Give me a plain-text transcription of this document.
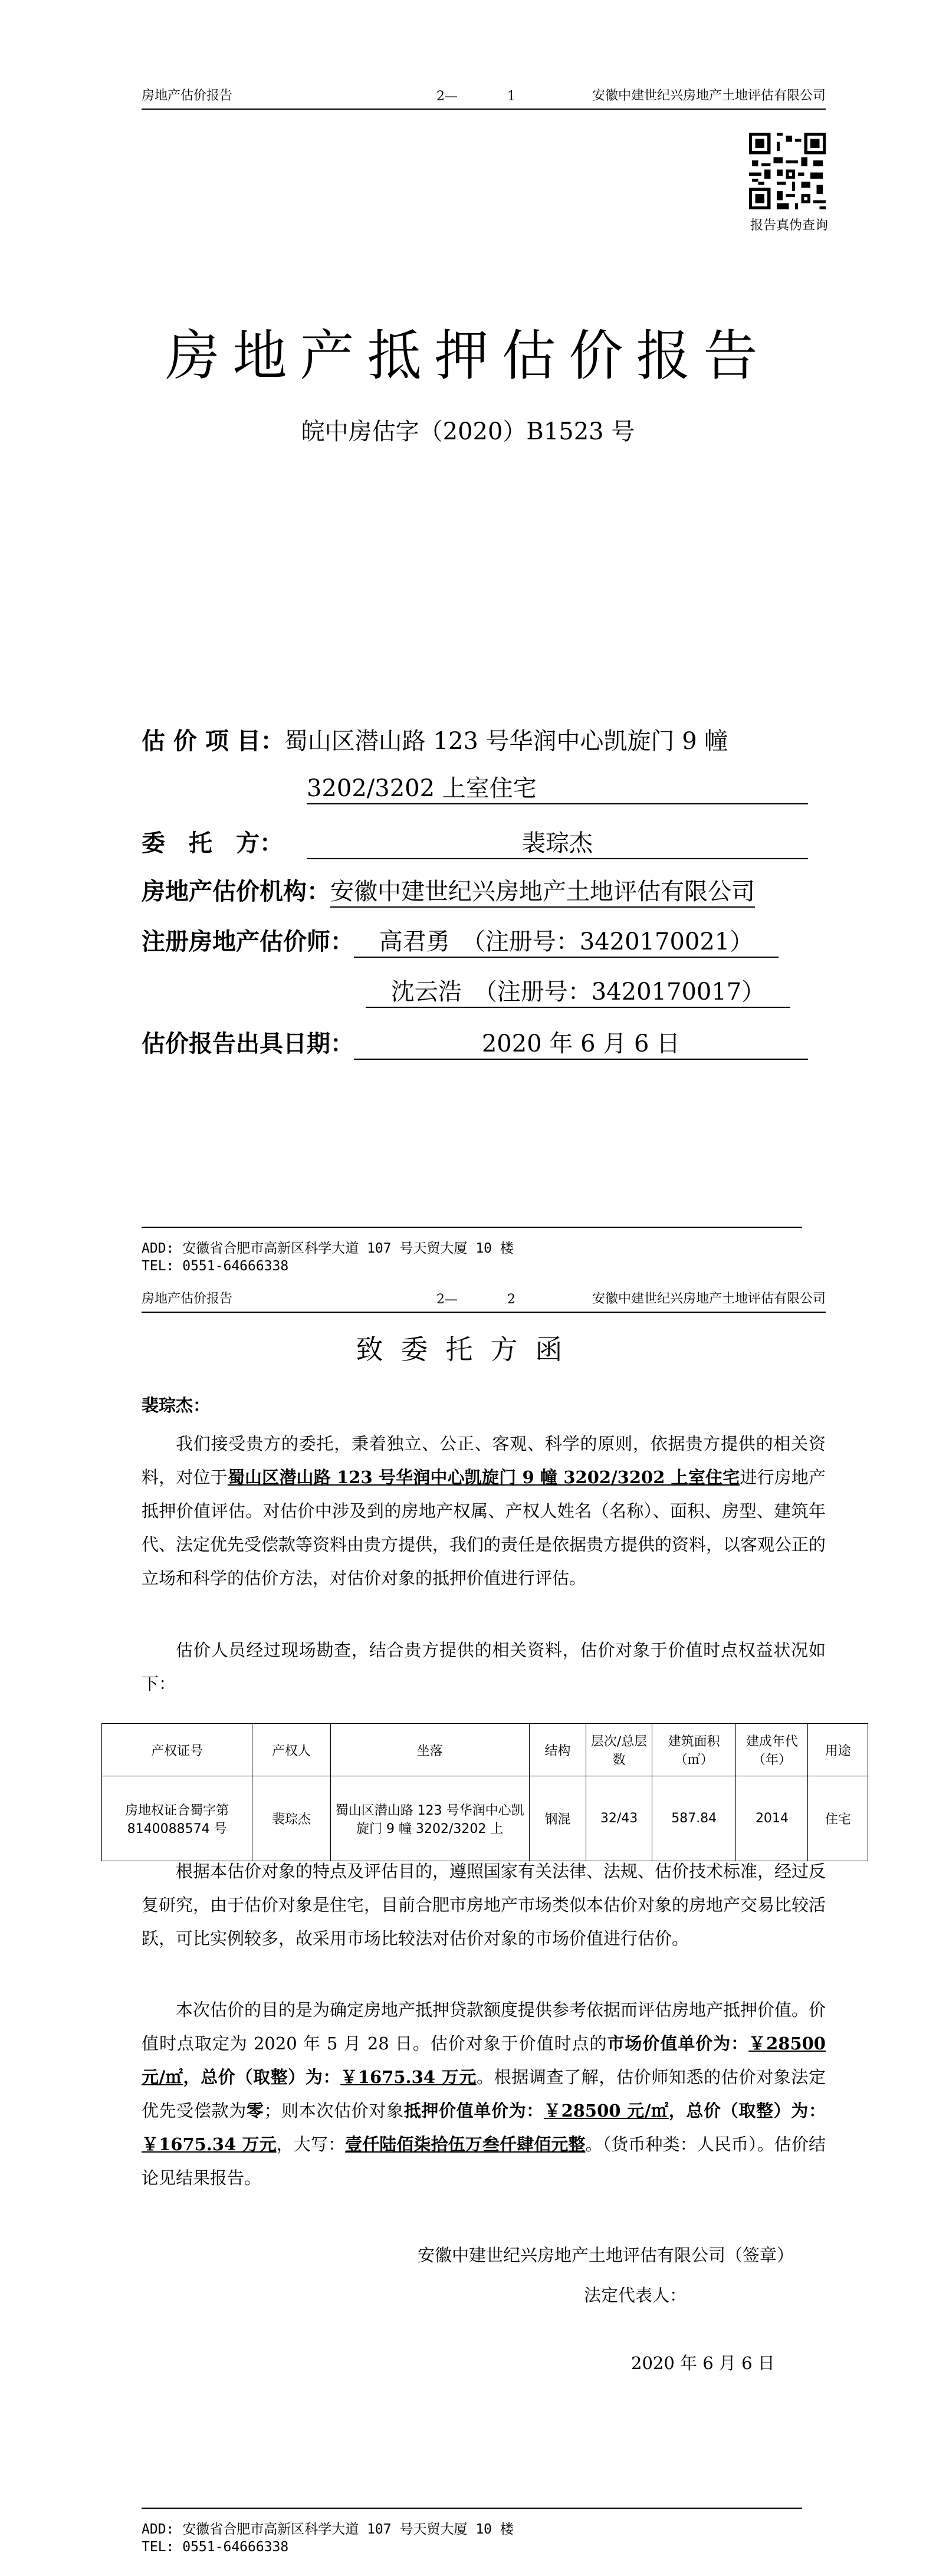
房地产估价报告	2—	1	安徽中建世纪兴房地产土地评估有限公司
报告真伪查询
房地产抵押估价报告
皖中房估字（2020）B1523 号
估 价 项 目：蜀山区潜山路 123 号华润中心凯旋门 9 幢
3202/3202 上室住宅
委　托　方：	裴琮杰
房地产估价机构：安徽中建世纪兴房地产土地评估有限公司
注册房地产估价师： 高君勇　（注册号：3420170021）
沈云浩　（注册号：3420170017）
估价报告出具日期：	2020 年 6 月 6 日
ADD: 安徽省合肥市高新区科学大道 107 号天贸大厦 10 楼
TEL: 0551-64666338
房地产估价报告	2—	2	安徽中建世纪兴房地产土地评估有限公司
致委托方函
裴琮杰：
我们接受贵方的委托，秉着独立、公正、客观、科学的原则，依据贵方提供的相关资料，对位于蜀山区潜山路 123 号华润中心凯旋门 9 幢 3202/3202 上室住宅进行房地产抵押价值评估。对估价中涉及到的房地产权属、产权人姓名（名称）、面积、房型、建筑年代、法定优先受偿款等资料由贵方提供，我们的责任是依据贵方提供的资料，以客观公正的立场和科学的估价方法，对估价对象的抵押价值进行评估。
估价人员经过现场勘查，结合贵方提供的相关资料，估价对象于价值时点权益状况如下：
产权证号	产权人	坐落	结构	层次/总层数	建筑面积（㎡）	建成年代（年）	用途
房地权证合蜀字第 8140088574 号	裴琮杰	蜀山区潜山路 123 号华润中心凯旋门 9 幢 3202/3202 上	钢混	32/43	587.84	2014	住宅
根据本估价对象的特点及评估目的，遵照国家有关法律、法规、估价技术标准，经过反复研究，由于估价对象是住宅，目前合肥市房地产市场类似本估价对象的房地产交易比较活跃，可比实例较多，故采用市场比较法对估价对象的市场价值进行估价。
本次估价的目的是为确定房地产抵押贷款额度提供参考依据而评估房地产抵押价值。价值时点取定为 2020 年 5 月 28 日。估价对象于价值时点的市场价值单价为：￥28500 元/㎡，总价（取整）为：￥1675.34 万元。根据调查了解，估价师知悉的估价对象法定优先受偿款为零；则本次估价对象抵押价值单价为：￥28500 元/㎡，总价（取整）为：￥1675.34 万元，大写：壹仟陆佰柒拾伍万叁仟肆佰元整。（货币种类：人民币）。估价结论见结果报告。
安徽中建世纪兴房地产土地评估有限公司（签章）
法定代表人：
2020 年 6 月 6 日
ADD: 安徽省合肥市高新区科学大道 107 号天贸大厦 10 楼
TEL: 0551-64666338
